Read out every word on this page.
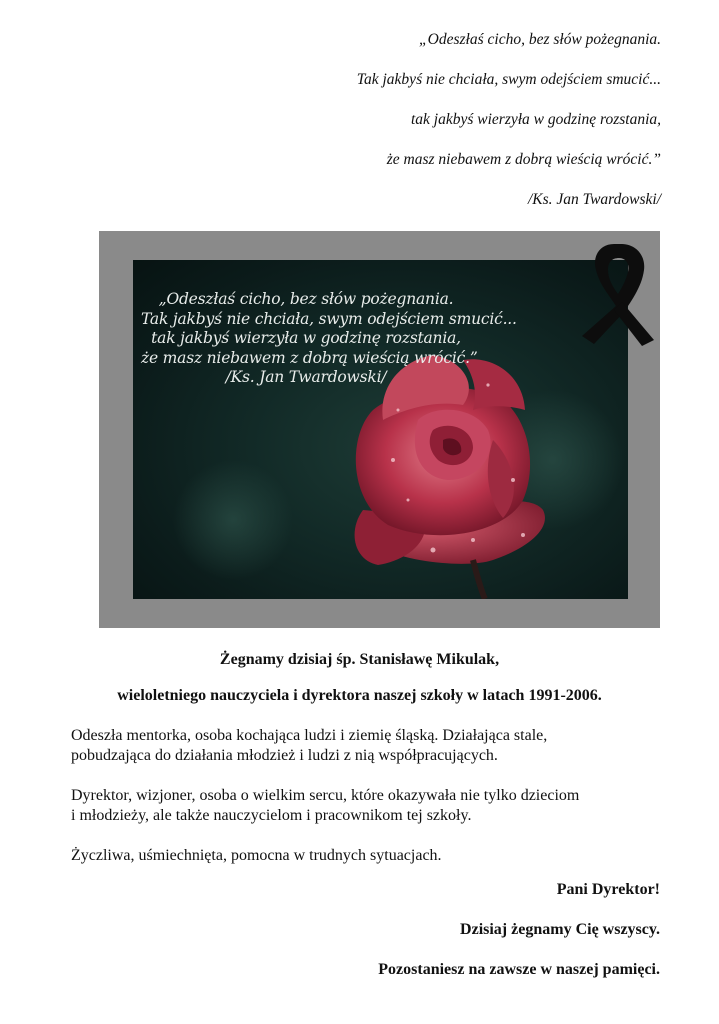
„Odeszłaś cicho, bez słów pożegnania.
Tak jakbyś nie chciała, swym odejściem smucić...
tak jakbyś wierzyła w godzinę rozstania,
że masz niebawem z dobrą wieścią wrócić.”
/Ks. Jan Twardowski/
„Odeszłaś cicho, bez słów pożegnania.
Tak jakbyś nie chciała, swym odejściem smucić...
tak jakbyś wierzyła w godzinę rozstania,
że masz niebawem z dobrą wieścią wrócić.”
/Ks. Jan Twardowski/
Żegnamy dzisiaj śp. Stanisławę Mikulak,
wieloletniego nauczyciela i dyrektora naszej szkoły w latach 1991-2006.
Odeszła mentorka, osoba kochająca ludzi i ziemię śląską. Działająca stale,
pobudzająca do działania młodzież i ludzi z nią współpracujących.
Dyrektor, wizjoner, osoba o wielkim sercu, które okazywała nie tylko dzieciom
i młodzieży, ale także nauczycielom i pracownikom tej szkoły.
Życzliwa, uśmiechnięta, pomocna w trudnych sytuacjach.
Pani Dyrektor!
Dzisiaj żegnamy Cię wszyscy.
Pozostaniesz na zawsze w naszej pamięci.
